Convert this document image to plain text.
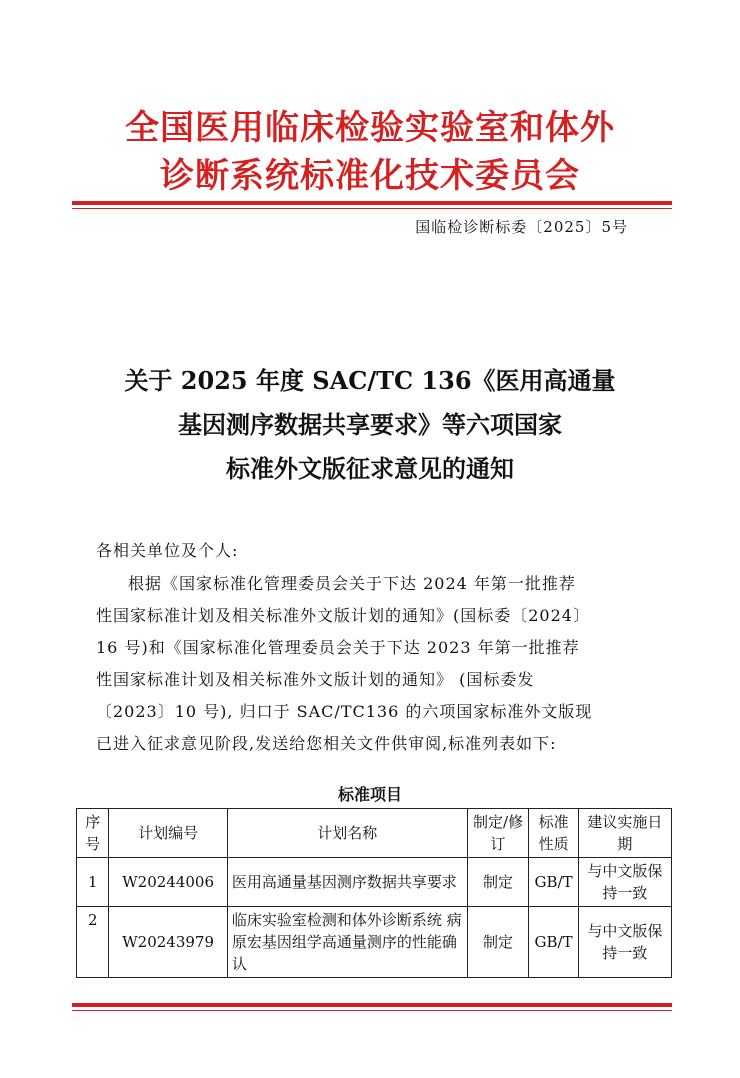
全国医用临床检验实验室和体外
诊断系统标准化技术委员会
国临检诊断标委〔2025〕5号
关于 2025 年度 SAC/TC 136《医用高通量
基因测序数据共享要求》等六项国家
标准外文版征求意见的通知
各相关单位及个人:
根据《国家标准化管理委员会关于下达 2024 年第一批推荐
性国家标准计划及相关标准外文版计划的通知》(国标委〔2024〕
16 号)和《国家标准化管理委员会关于下达 2023 年第一批推荐
性国家标准计划及相关标准外文版计划的通知》 (国标委发
〔2023〕10 号), 归口于 SAC/TC136 的六项国家标准外文版现
已进入征求意见阶段,发送给您相关文件供审阅,标准列表如下:
标准项目
序号	计划编号	计划名称	制定/修订	标准性质	建议实施日期
1	W20244006	医用高通量基因测序数据共享要求	制定	GB/T	与中文版保持一致
2	W20243979	临床实验室检测和体外诊断系统 病原宏基因组学高通量测序的性能确认	制定	GB/T	与中文版保持一致
